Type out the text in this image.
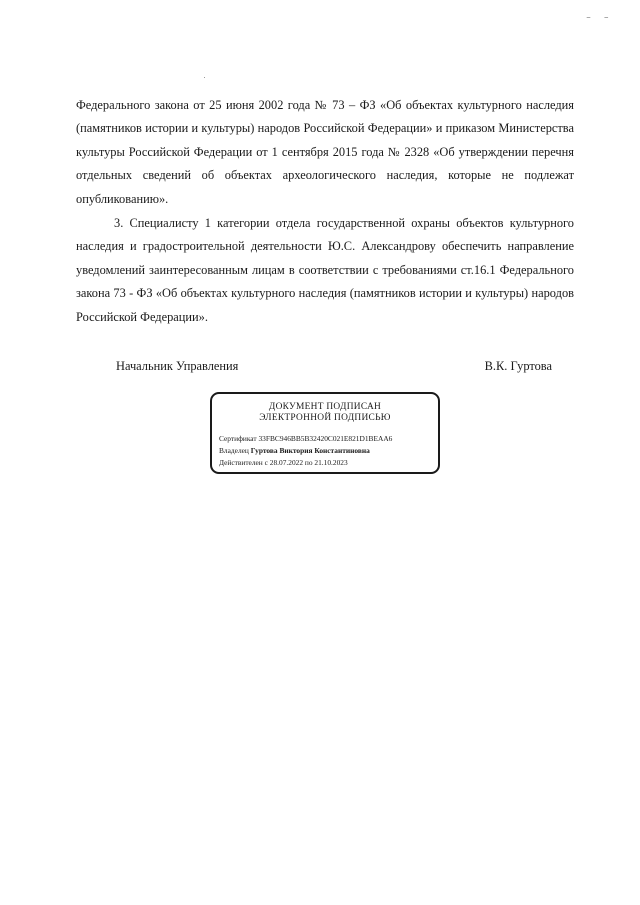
_ _

Федерального закона от 25 июня 2002 года № 73 – ФЗ «Об объектах культурного наследия (памятников истории и культуры) народов Российской Федерации» и приказом Министерства культуры Российской Федерации от 1 сентября 2015 года № 2328 «Об утверждении перечня отдельных сведений об объектах археологического наследия, которые не подлежат опубликованию».

3. Специалисту 1 категории отдела государственной охраны объектов культурного наследия и градостроительной деятельности Ю.С. Александрову обеспечить направление уведомлений заинтересованным лицам в соответствии с требованиями ст.16.1 Федерального закона 73 - ФЗ «Об объектах культурного наследия (памятников истории и культуры) народов Российской Федерации».

Начальник Управления	В.К. Гуртова
ДОКУМЕНТ ПОДПИСАН
ЭЛЕКТРОННОЙ ПОДПИСЬЮ
Сертификат 33FBC946BB5B32420C021E821D1BEAA6
Владелец Гуртова Виктория Константиновна
Действителен с 28.07.2022 по 21.10.2023
